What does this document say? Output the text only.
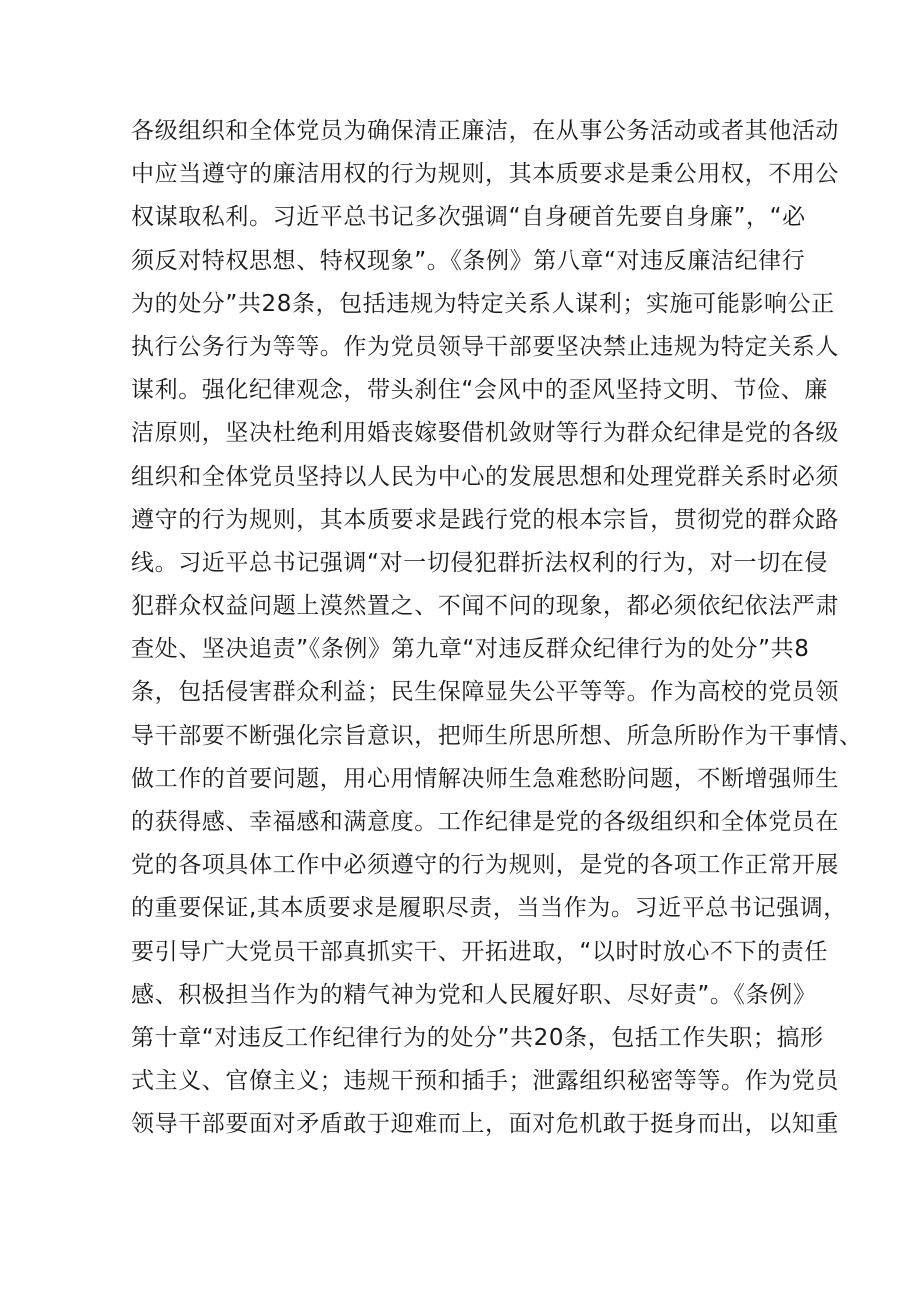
各级组织和全体党员为确保清正廉洁，在从事公务活动或者其他活动
中应当遵守的廉洁用权的行为规则，其本质要求是秉公用权，不用公
权谋取私利。习近平总书记多次强调“自身硬首先要自身廉”，“必
须反对特权思想、特权现象”。《条例》第八章“对违反廉洁纪律行
为的处分”共28条，包括违规为特定关系人谋利；实施可能影响公正
执行公务行为等等。作为党员领导干部要坚决禁止违规为特定关系人
谋利。强化纪律观念，带头刹住“会风中的歪风坚持文明、节俭、廉
洁原则，坚决杜绝利用婚丧嫁娶借机敛财等行为群众纪律是党的各级
组织和全体党员坚持以人民为中心的发展思想和处理党群关系时必须
遵守的行为规则，其本质要求是践行党的根本宗旨，贯彻党的群众路
线。习近平总书记强调“对一切侵犯群折法权利的行为，对一切在侵
犯群众权益问题上漠然置之、不闻不问的现象，都必须依纪依法严肃
查处、坚决追责”《条例》第九章“对违反群众纪律行为的处分”共8
条，包括侵害群众利益；民生保障显失公平等等。作为高校的党员领
导干部要不断强化宗旨意识，把师生所思所想、所急所盼作为干事情、
做工作的首要问题，用心用情解决师生急难愁盼问题，不断增强师生
的获得感、幸福感和满意度。工作纪律是党的各级组织和全体党员在
党的各项具体工作中必须遵守的行为规则，是党的各项工作正常开展
的重要保证,其本质要求是履职尽责，当当作为。习近平总书记强调，
要引导广大党员干部真抓实干、开拓进取，“以时时放心不下的责任
感、积极担当作为的精气神为党和人民履好职、尽好责”。《条例》
第十章“对违反工作纪律行为的处分”共20条，包括工作失职；搞形
式主义、官僚主义；违规干预和插手；泄露组织秘密等等。作为党员
领导干部要面对矛盾敢于迎难而上，面对危机敢于挺身而出，以知重
